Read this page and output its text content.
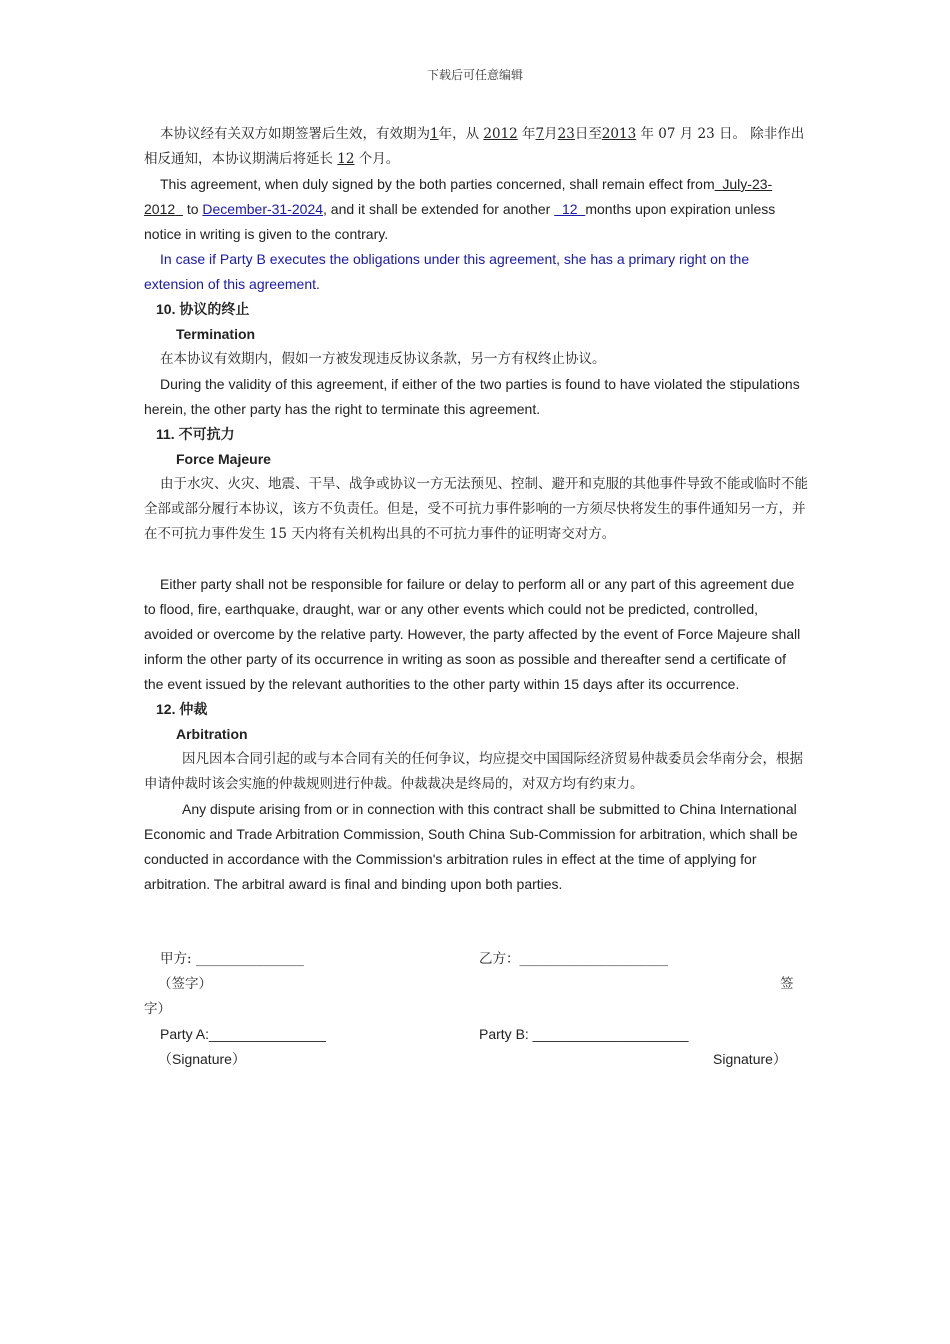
下载后可任意编辑

本协议经有关双方如期签署后生效，有效期为1年，从 2012 年7月23日至2013 年 07 月 23 日。 除非作出相反通知，本协议期满后将延长 12 个月。

This agreement, when duly signed by the both parties concerned, shall remain effect from July-23-2012 to December-31-2024, and it shall be extended for another 12 months upon expiration unless notice in writing is given to the contrary.

In case if Party B executes the obligations under this agreement, she has a primary right on the extension of this agreement.

10. 协议的终止

Termination

在本协议有效期内，假如一方被发现违反协议条款，另一方有权终止协议。

During the validity of this agreement, if either of the two parties is found to have violated the stipulations herein, the other party has the right to terminate this agreement.

11. 不可抗力

Force Majeure

由于水灾、火灾、地震、干旱、战争或协议一方无法预见、控制、避开和克服的其他事件导致不能或临时不能全部或部分履行本协议，该方不负责任。但是，受不可抗力事件影响的一方须尽快将发生的事件通知另一方，并在不可抗力事件发生 15 天内将有关机构出具的不可抗力事件的证明寄交对方。

Either party shall not be responsible for failure or delay to perform all or any part of this agreement due to flood, fire, earthquake, draught, war or any other events which could not be predicted, controlled, avoided or overcome by the relative party. However, the party affected by the event of Force Majeure shall inform the other party of its occurrence in writing as soon as possible and thereafter send a certificate of the event issued by the relevant authorities to the other party within 15 days after its occurrence.

12. 仲裁

Arbitration

因凡因本合同引起的或与本合同有关的任何争议，均应提交中国国际经济贸易仲裁委员会华南分会，根据申请仲裁时该会实施的仲裁规则进行仲裁。仲裁裁决是终局的，对双方均有约束力。

Any dispute arising from or in connection with this contract shall be submitted to China International Economic and Trade Arbitration Commission, South China Sub-Commission for arbitration, which shall be conducted in accordance with the Commission's arbitration rules in effect at the time of applying for arbitration. The arbitral award is final and binding upon both parties.

甲方: ________________	乙方：______________________
（签字）	签
字）
Party A:_______________	Party B: ____________________
（Signature）	Signature）
